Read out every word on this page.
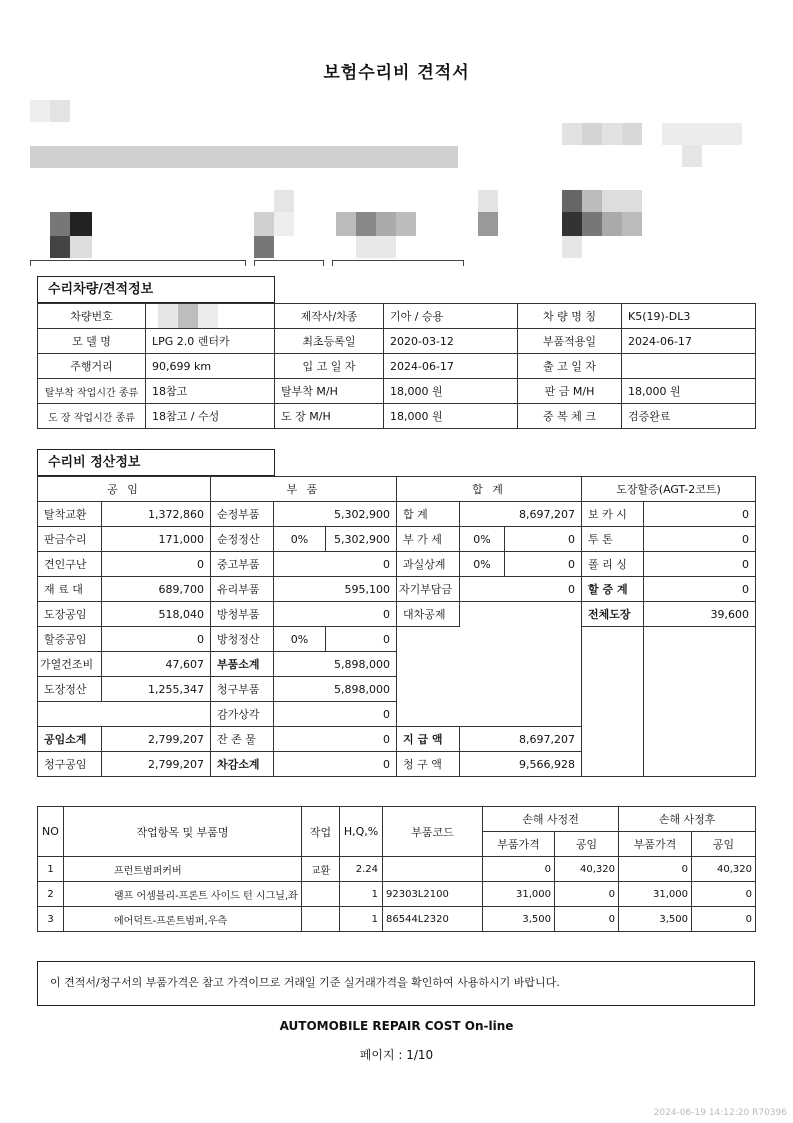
보험수리비 견적서
수리차량/견적정보
차량번호		제작사/차종	기아 / 승용	차 량 명 칭	K5(19)-DL3
모 델 명	LPG 2.0 렌터카	최초등록일	2020-03-12	부품적용일	2024-06-17
주행거리	90,699 km	입 고 일 자	2024-06-17	출 고 일 자	
탈부착 작업시간 종류	18참고	탈부착 M/H	18,000 원	판 금 M/H	18,000 원
도 장 작업시간 종류	18참고 / 수성	도 장 M/H	18,000 원	중 복 체 크	검증완료
수리비 정산정보
공 임		부 품			합 계			도장할증(AGT-2코트)	
탈착교환	1,372,860	순정부품	5,302,900		합 계	8,697,207		보 카 시	0
판금수리	171,000	순정정산	0%	5,302,900	부 가 세	0%	0	투 톤	0
견인구난	0	중고부품	0		과실상계	0%	0	폴 리 싱	0
재 료 대	689,700	유리부품	595,100		자기부담금	0		할 증 계	0
도장공임	518,040	방청부품	0		대차공제			전체도장	39,600
할증공임	0	방청정산	0%	0					
가열건조비	47,607	부품소계	5,898,000						
도장정산	1,255,347	청구부품	5,898,000						
		감가상각	0						
공임소계	2,799,207	잔 존 물	0		지 급 액	8,697,207			
청구공임	2,799,207	차감소계	0		청 구 액	9,566,928			
NO	작업항목 및 부품명	작업	H,Q,%	부품코드	손해 사정전		손해 사정후	
					부품가격	공임	부품가격	공임
1	프런트범퍼커버	교환	2.24		0	40,320	0	40,320
2	램프 어셈블리-프론트 사이드 턴 시그닐,좌		1	92303L2100	31,000	0	31,000	0
3	에어덕트-프론트범퍼,우측		1	86544L2320	3,500	0	3,500	0
이 견적서/청구서의 부품가격은 참고 가격이므로 거래일 기준 실거래가격을 확인하여 사용하시기 바랍니다.
AUTOMOBILE REPAIR COST On-line
페이지 : 1/10
2024-06-19 14:12:20 R70396
